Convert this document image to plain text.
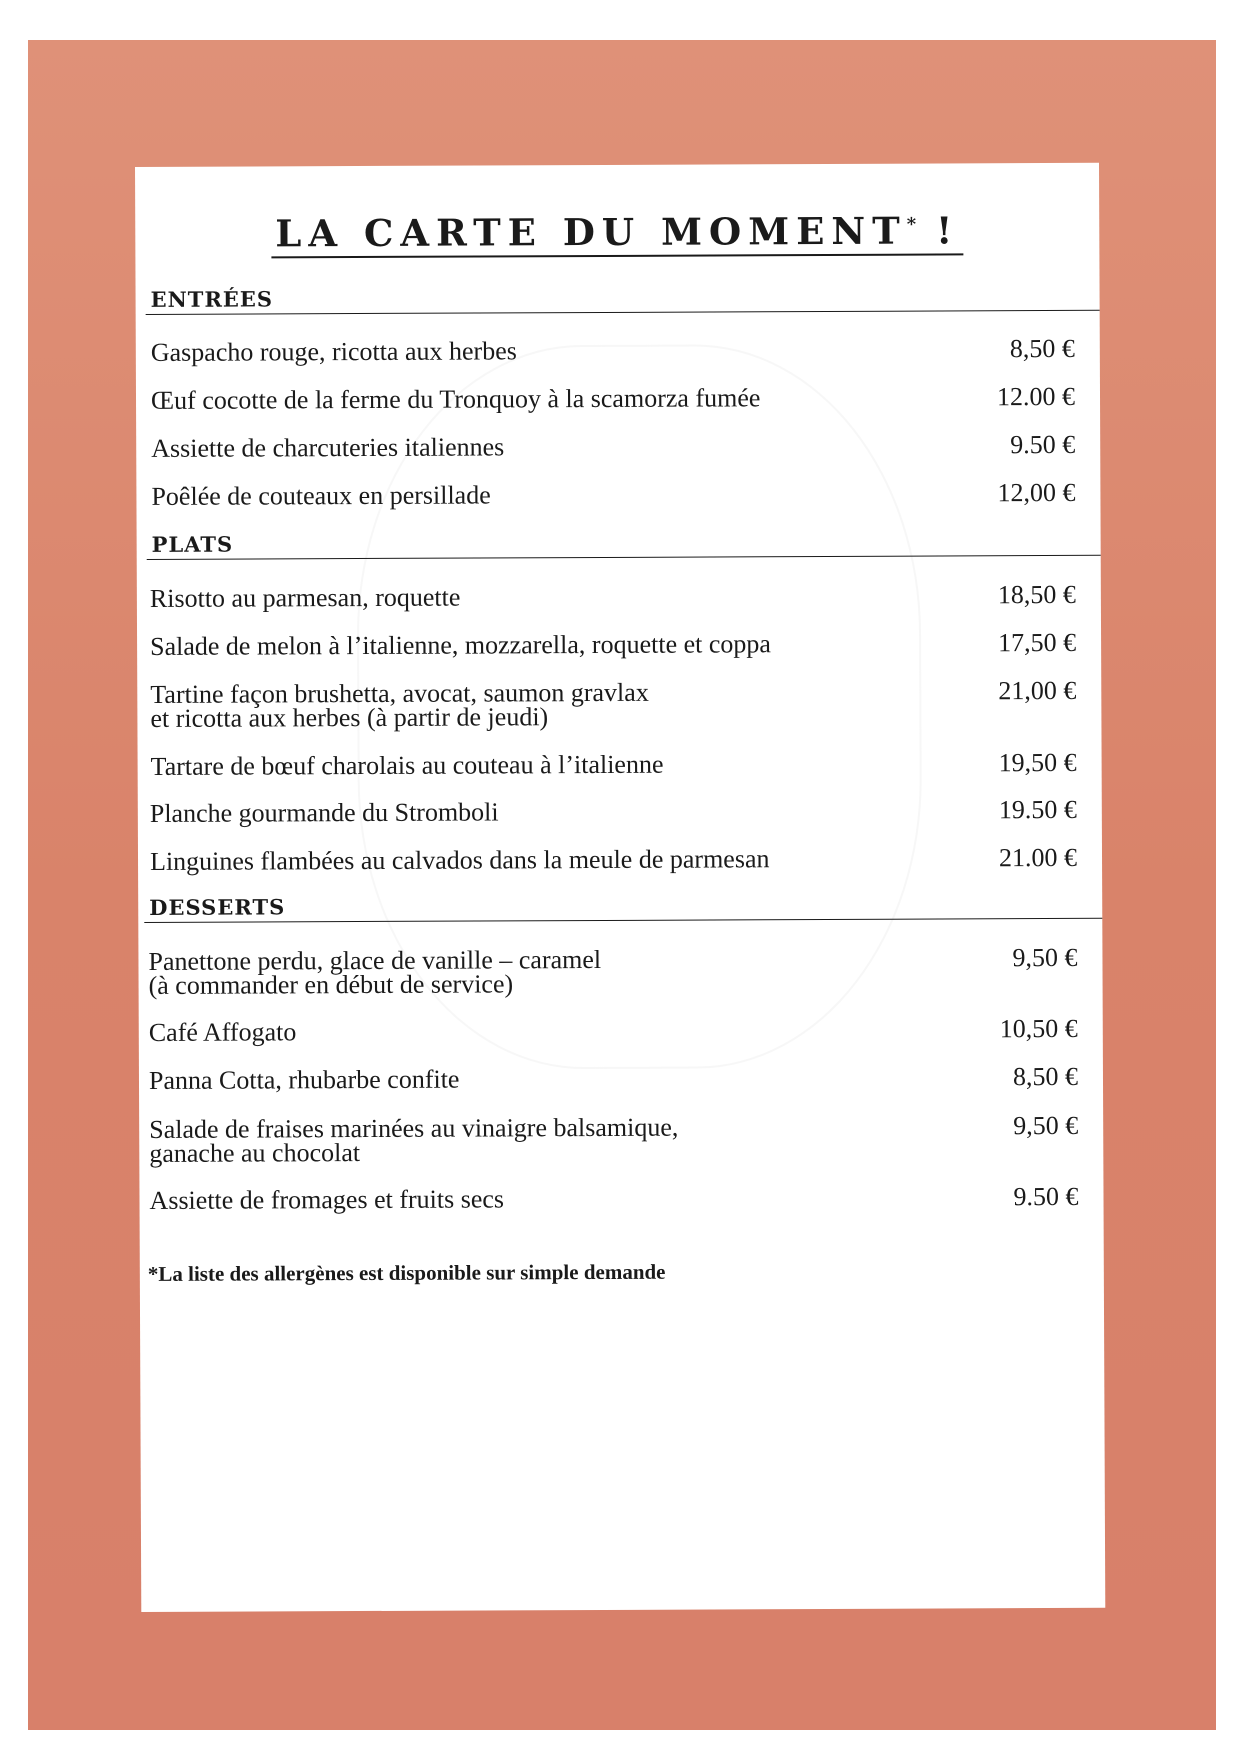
LA CARTE DU MOMENT* !
ENTRÉES
Gaspacho rouge, ricotta aux herbes	8,50 €
Œuf cocotte de la ferme du Tronquoy à la scamorza fumée	12.00 €
Assiette de charcuteries italiennes	9.50 €
Poêlée de couteaux en persillade	12,00 €
PLATS
Risotto au parmesan, roquette	18,50 €
Salade de melon à l’italienne, mozzarella, roquette et coppa	17,50 €
Tartine façon brushetta, avocat, saumon gravlax
et ricotta aux herbes (à partir de jeudi)
21,00 €
Tartare de bœuf charolais au couteau à l’italienne	19,50 €
Planche gourmande du Stromboli	19.50 €
Linguines flambées au calvados dans la meule de parmesan	21.00 €
DESSERTS
Panettone perdu, glace de vanille – caramel
(à commander en début de service)
9,50 €
Café Affogato	10,50 €
Panna Cotta, rhubarbe confite	8,50 €
Salade de fraises marinées au vinaigre balsamique,
ganache au chocolat
9,50 €
Assiette de fromages et fruits secs	9.50 €
*La liste des allergènes est disponible sur simple demande
